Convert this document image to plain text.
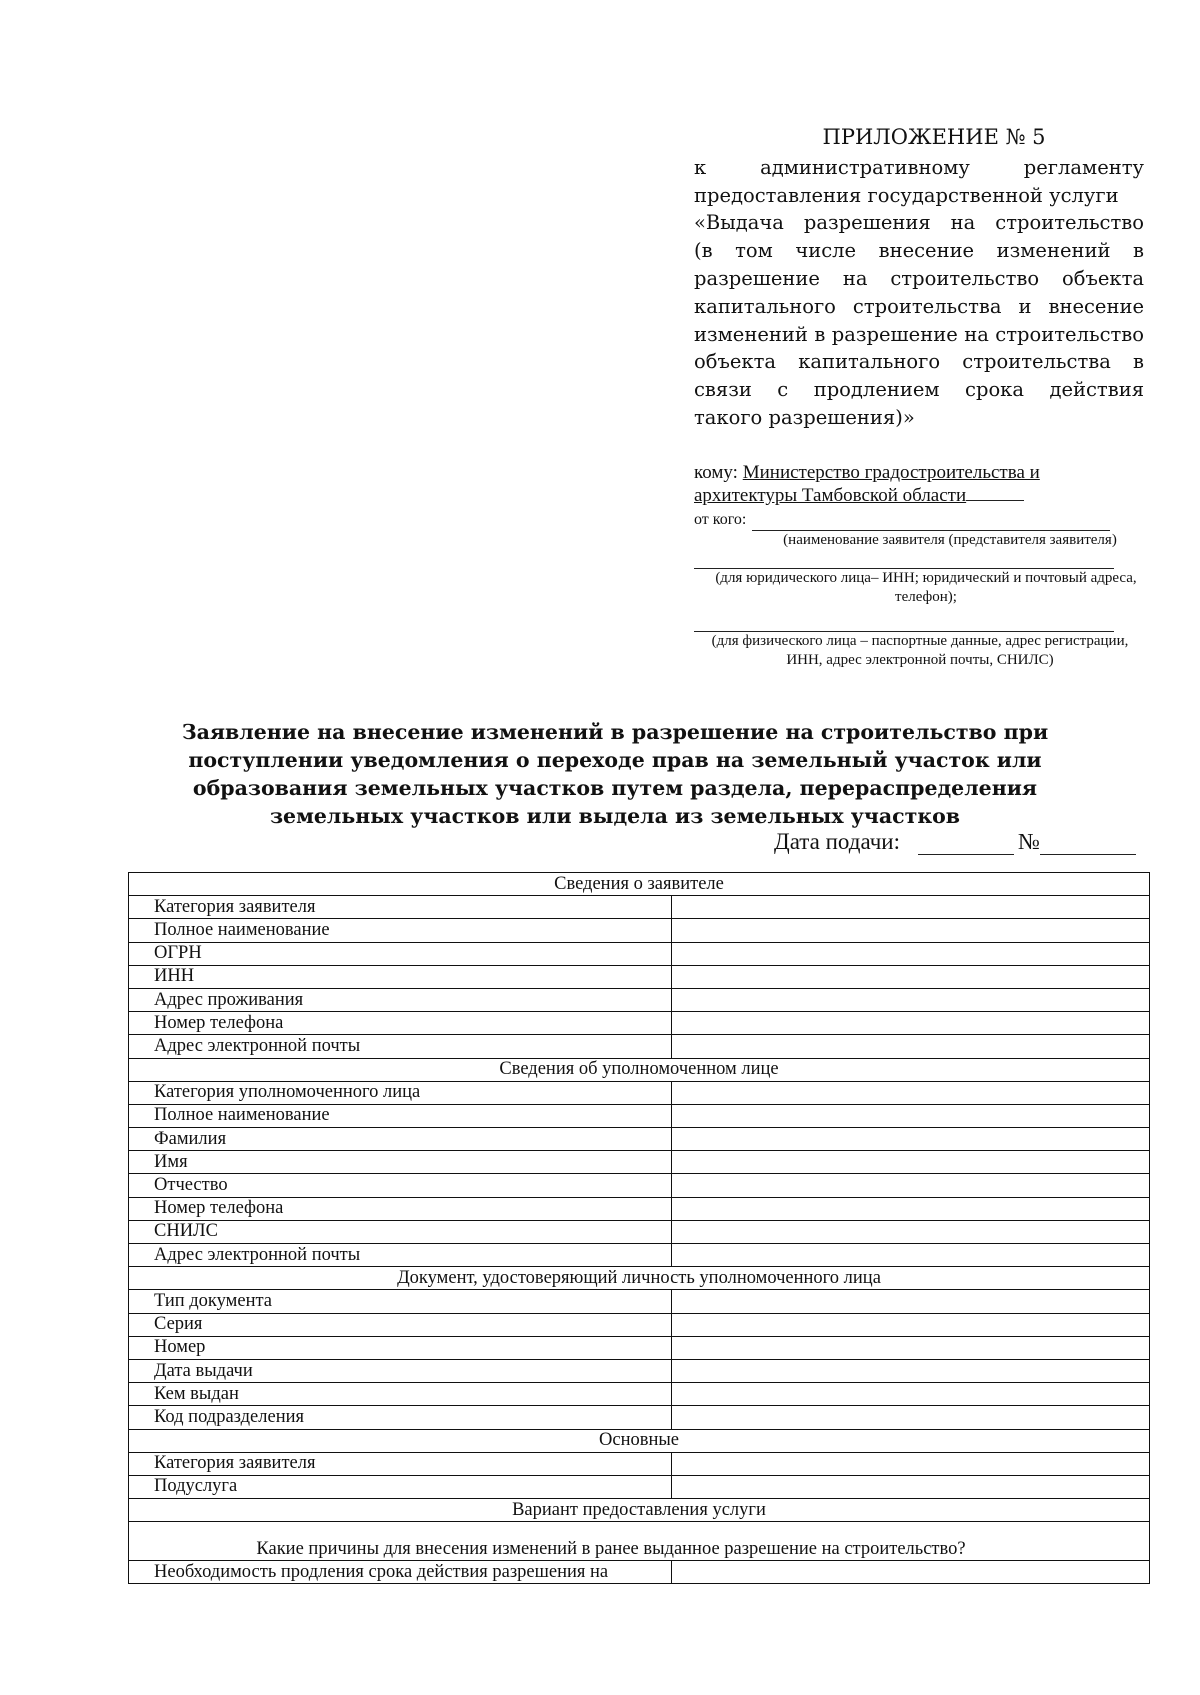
ПРИЛОЖЕНИЕ № 5
к административному регламенту
предоставления государственной услуги
«Выдача разрешения на строительство
(в том числе внесение изменений в
разрешение на строительство объекта
капитального строительства и внесение
изменений в разрешение на строительство
объекта капитального строительства в
связи с продлением срока действия
такого разрешения)»
кому: Министерство градостроительства и
архитектуры Тамбовской области
от кого:
(наименование заявителя (представителя заявителя)
(для юридического лица– ИНН; юридический и почтовый адреса, телефон);
(для физического лица – паспортные данные, адрес регистрации, ИНН, адрес электронной почты, СНИЛС)
Заявление на внесение изменений в разрешение на строительство при поступлении уведомления о переходе прав на земельный участок или образования земельных участков путем раздела, перераспределения земельных участков или выдела из земельных участков
Дата подачи:	№
Сведения о заявителе	
Категория заявителя	
Полное наименование	
ОГРН	
ИНН	
Адрес проживания	
Номер телефона	
Адрес электронной почты	
Сведения об уполномоченном лице	
Категория уполномоченного лица	
Полное наименование	
Фамилия	
Имя	
Отчество	
Номер телефона	
СНИЛС	
Адрес электронной почты	
Документ, удостоверяющий личность уполномоченного лица	
Тип документа	
Серия	
Номер	
Дата выдачи	
Кем выдан	
Код подразделения	
Основные	
Категория заявителя	
Подуслуга	
Вариант предоставления услуги	
Какие причины для внесения изменений в ранее выданное разрешение на строительство?	
Необходимость продления срока действия разрешения на	
